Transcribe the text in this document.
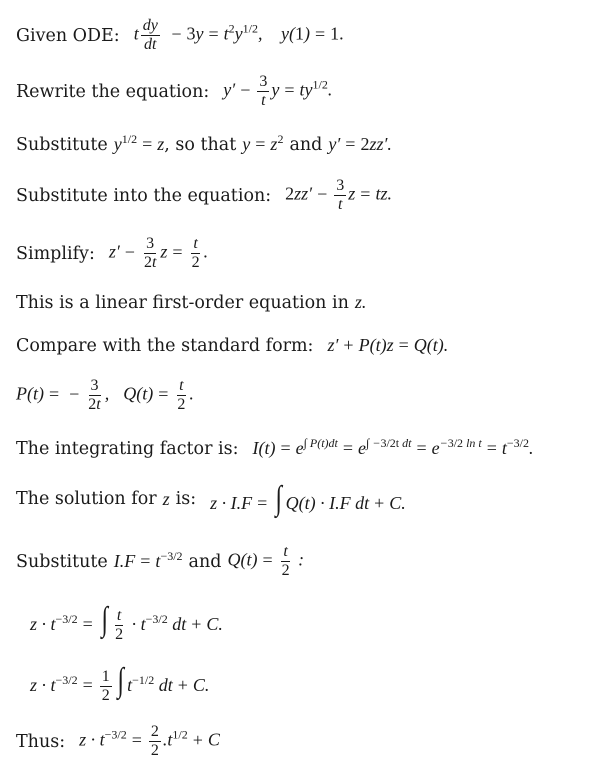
Given ODE: t $\frac{dy}{dt} - 3y = t^2y^{1/2}$, y(1) = 1.
Rewrite the equation: $y' - \frac{3}{t}$ $y = ty^{1/2}$.
Substitute $y^{1/2} = z$ , so that $y = z^2$ and y′ = 2zz′.
Substitute into the equation: $2zz' - \frac{3}{t}$ z = tz.
Simplify: $z' - \frac{3}{2t}$ $z = \frac{t}{2}$ .
This is a linear first-order equation in z.
Compare with the standard form: z′ + P(t)z = Q(t).
P(t) = − $\frac{3}{2t}$ , $Q(t) = \frac{t}{2}$ .
The integrating factor is: $I(t) = e^{\int P(t)dt} = e^{\int -3/2t dt} = e^{-3/2 ln t} = t^{-3/2}$.
The solution for z is: z · I.F = ∫ Q(t) · I.F dt + C.
Substitute $I.F = t^{-3/2}$ and $Q(t) = \frac{t}{2}$ :
$z \cdot t^{-3/2}$ = ∫ $\frac{t}{2} \cdot t^{-3/2}$ dt + C.
$z \cdot t^{-3/2} = \frac{1}{2}$ ∫ $t^{-1/2}$ dt + C.
Thus: $z \cdot t^{-3/2} = \frac{2}{2} .t^{1/2} + C$
